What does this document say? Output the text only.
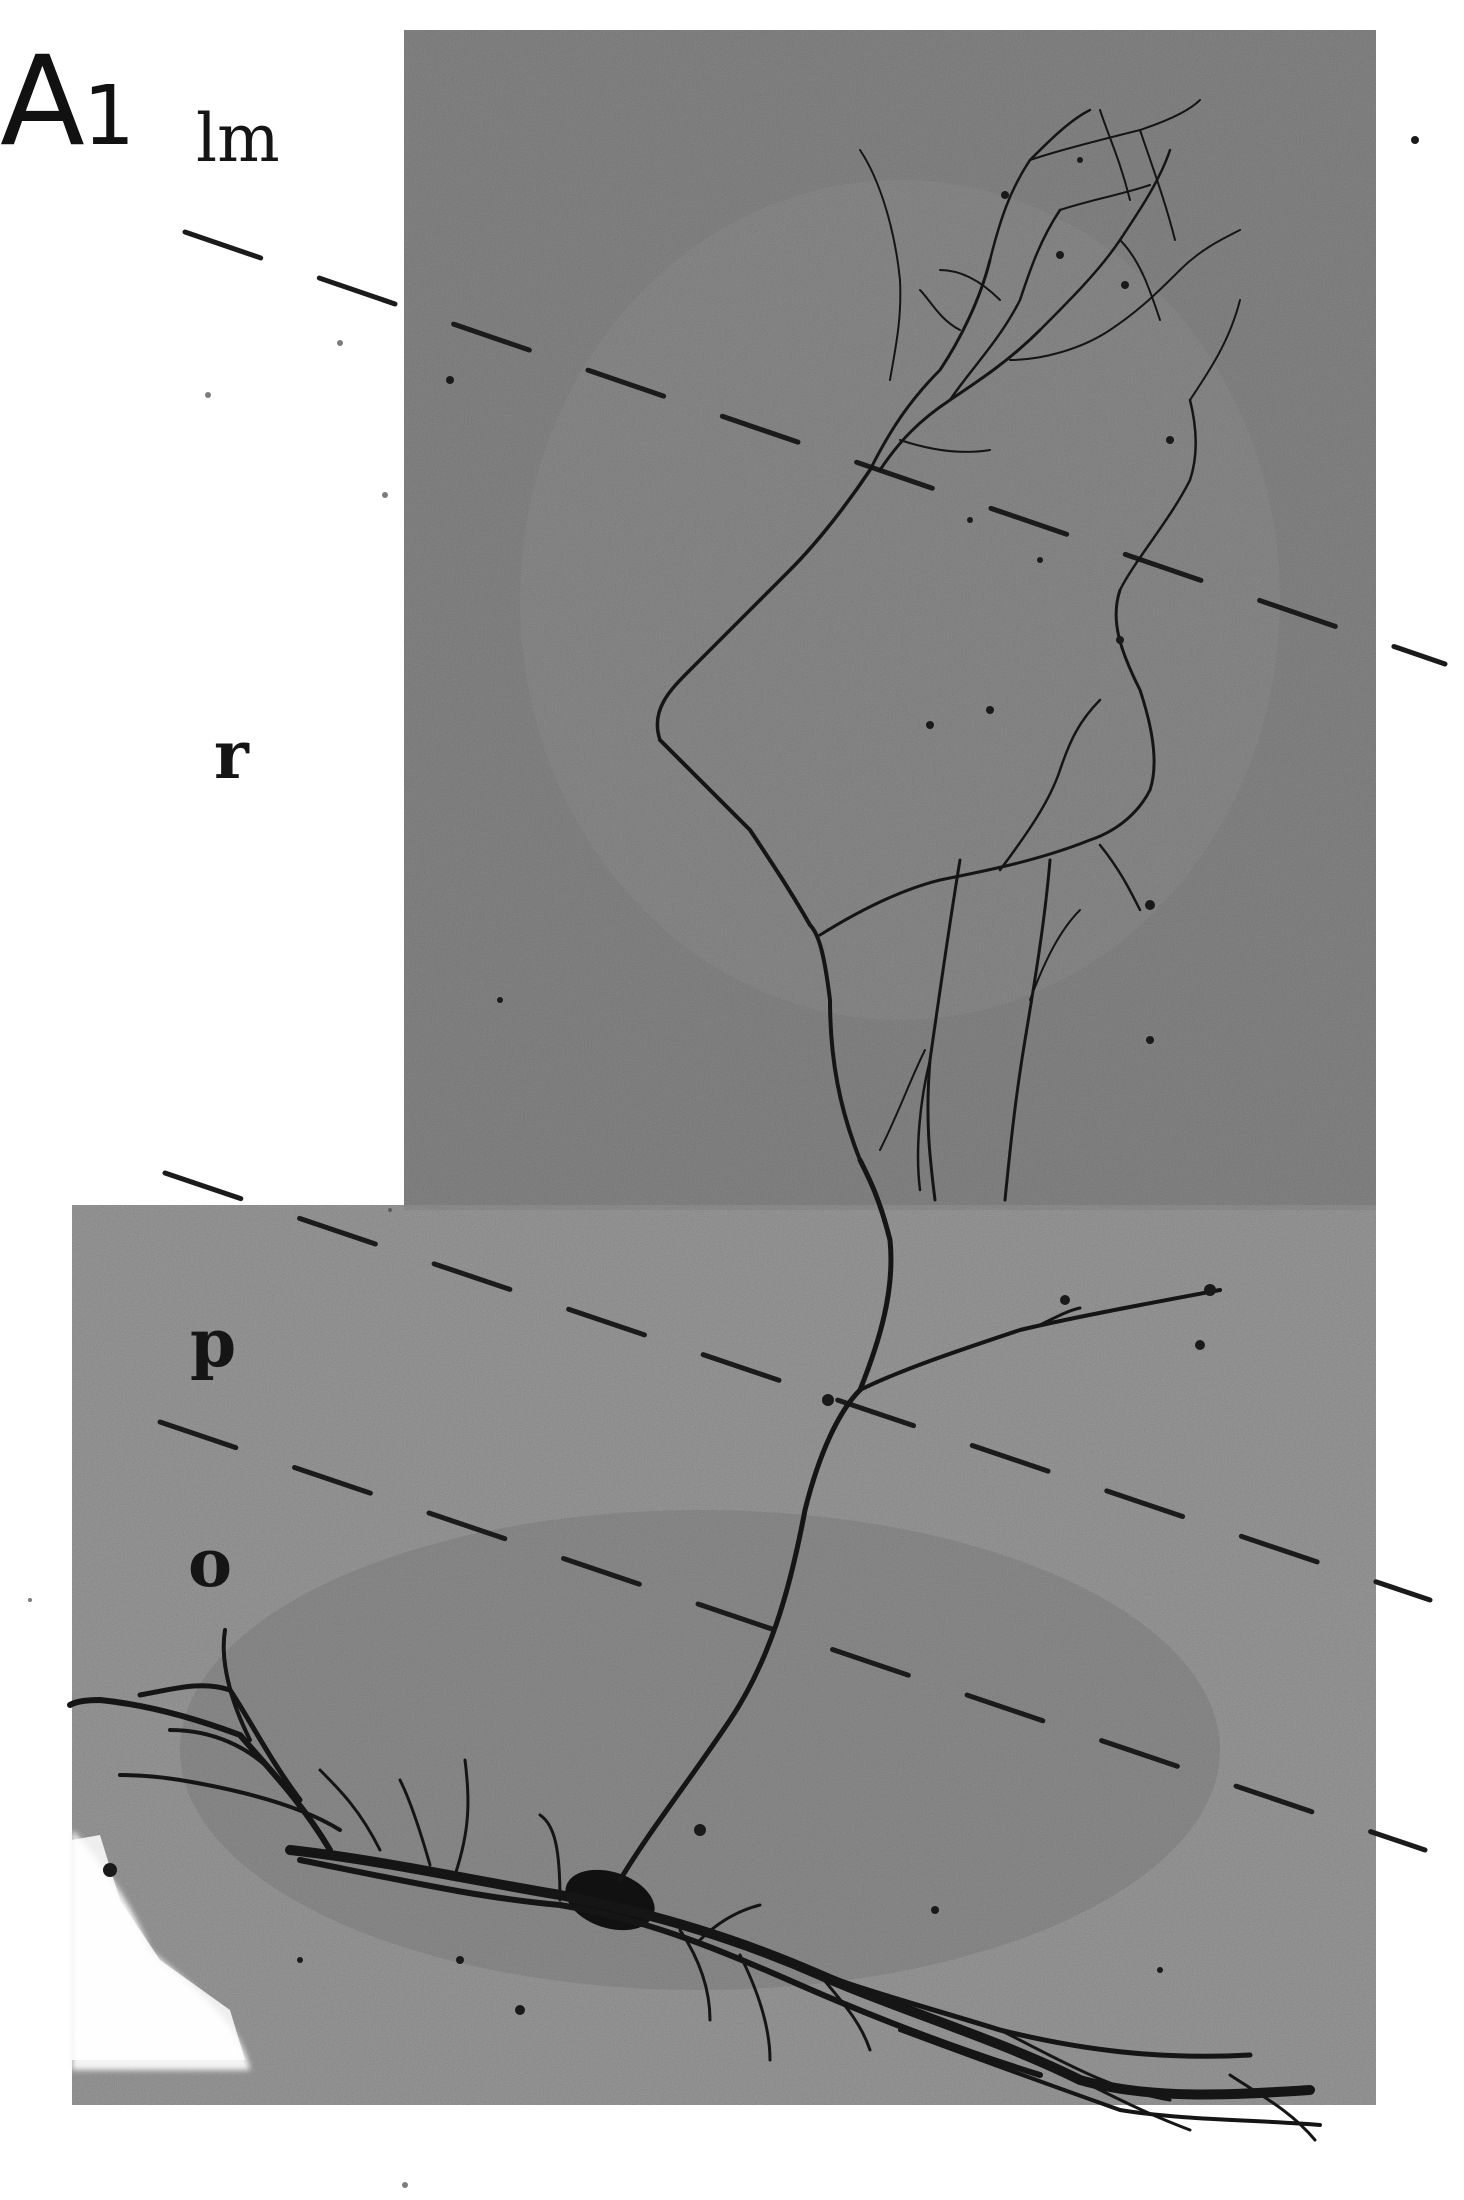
A1 lm
r
p
o
